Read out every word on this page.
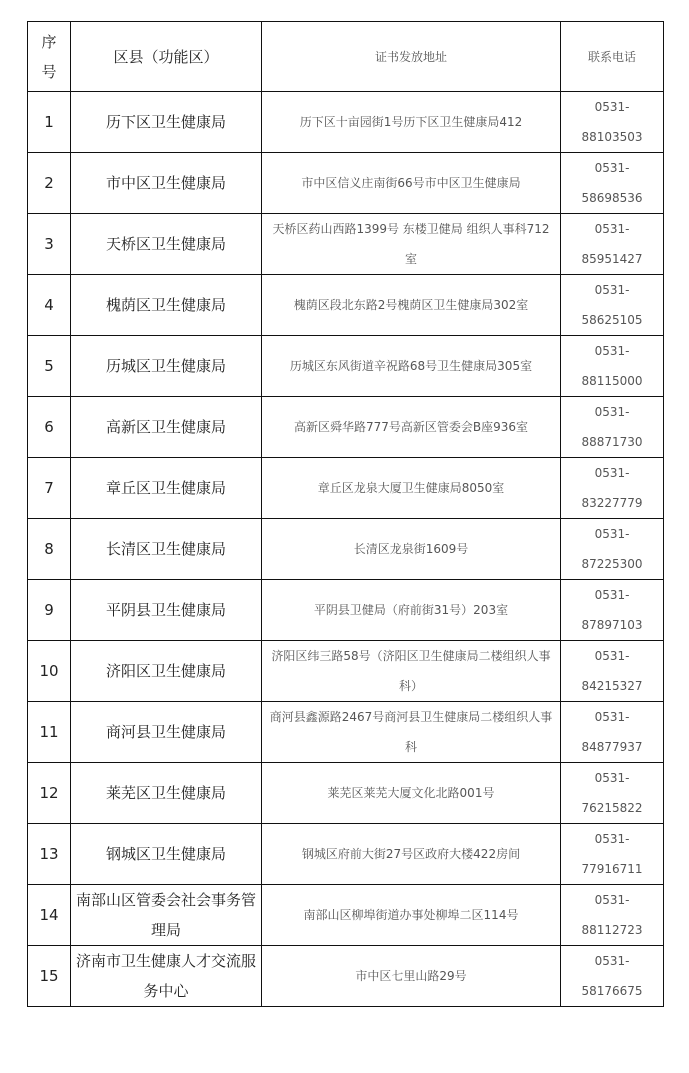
序
号	区县（功能区）	证书发放地址	联系电话
1	历下区卫生健康局	历下区十亩园街1号历下区卫生健康局412	0531-
88103503

2	市中区卫生健康局	市中区信义庄南街66号市中区卫生健康局	0531-
58698536

3	天桥区卫生健康局	天桥区药山西路1399号 东楼卫健局 组织人事科712室	0531-
85951427

4	槐荫区卫生健康局	槐荫区段北东路2号槐荫区卫生健康局302室	0531-
58625105

5	历城区卫生健康局	历城区东风街道辛祝路68号卫生健康局305室	0531-
88115000

6	高新区卫生健康局	高新区舜华路777号高新区管委会B座936室	0531-
88871730

7	章丘区卫生健康局	章丘区龙泉大厦卫生健康局8050室	0531-
83227779

8	长清区卫生健康局	长清区龙泉街1609号	0531-
87225300

9	平阴县卫生健康局	平阴县卫健局（府前街31号）203室	0531-
87897103

10	济阳区卫生健康局	济阳区纬三路58号（济阳区卫生健康局二楼组织人事科）	0531-
84215327

11	商河县卫生健康局	商河县鑫源路2467号商河县卫生健康局二楼组织人事科	0531-
84877937

12	莱芜区卫生健康局	莱芜区莱芜大厦文化北路001号	0531-
76215822

13	钢城区卫生健康局	钢城区府前大街27号区政府大楼422房间	0531-
77916711

14	南部山区管委会社会事务管理局	南部山区柳埠街道办事处柳埠二区114号	0531-
88112723

15	济南市卫生健康人才交流服务中心	市中区七里山路29号	0531-
58176675
